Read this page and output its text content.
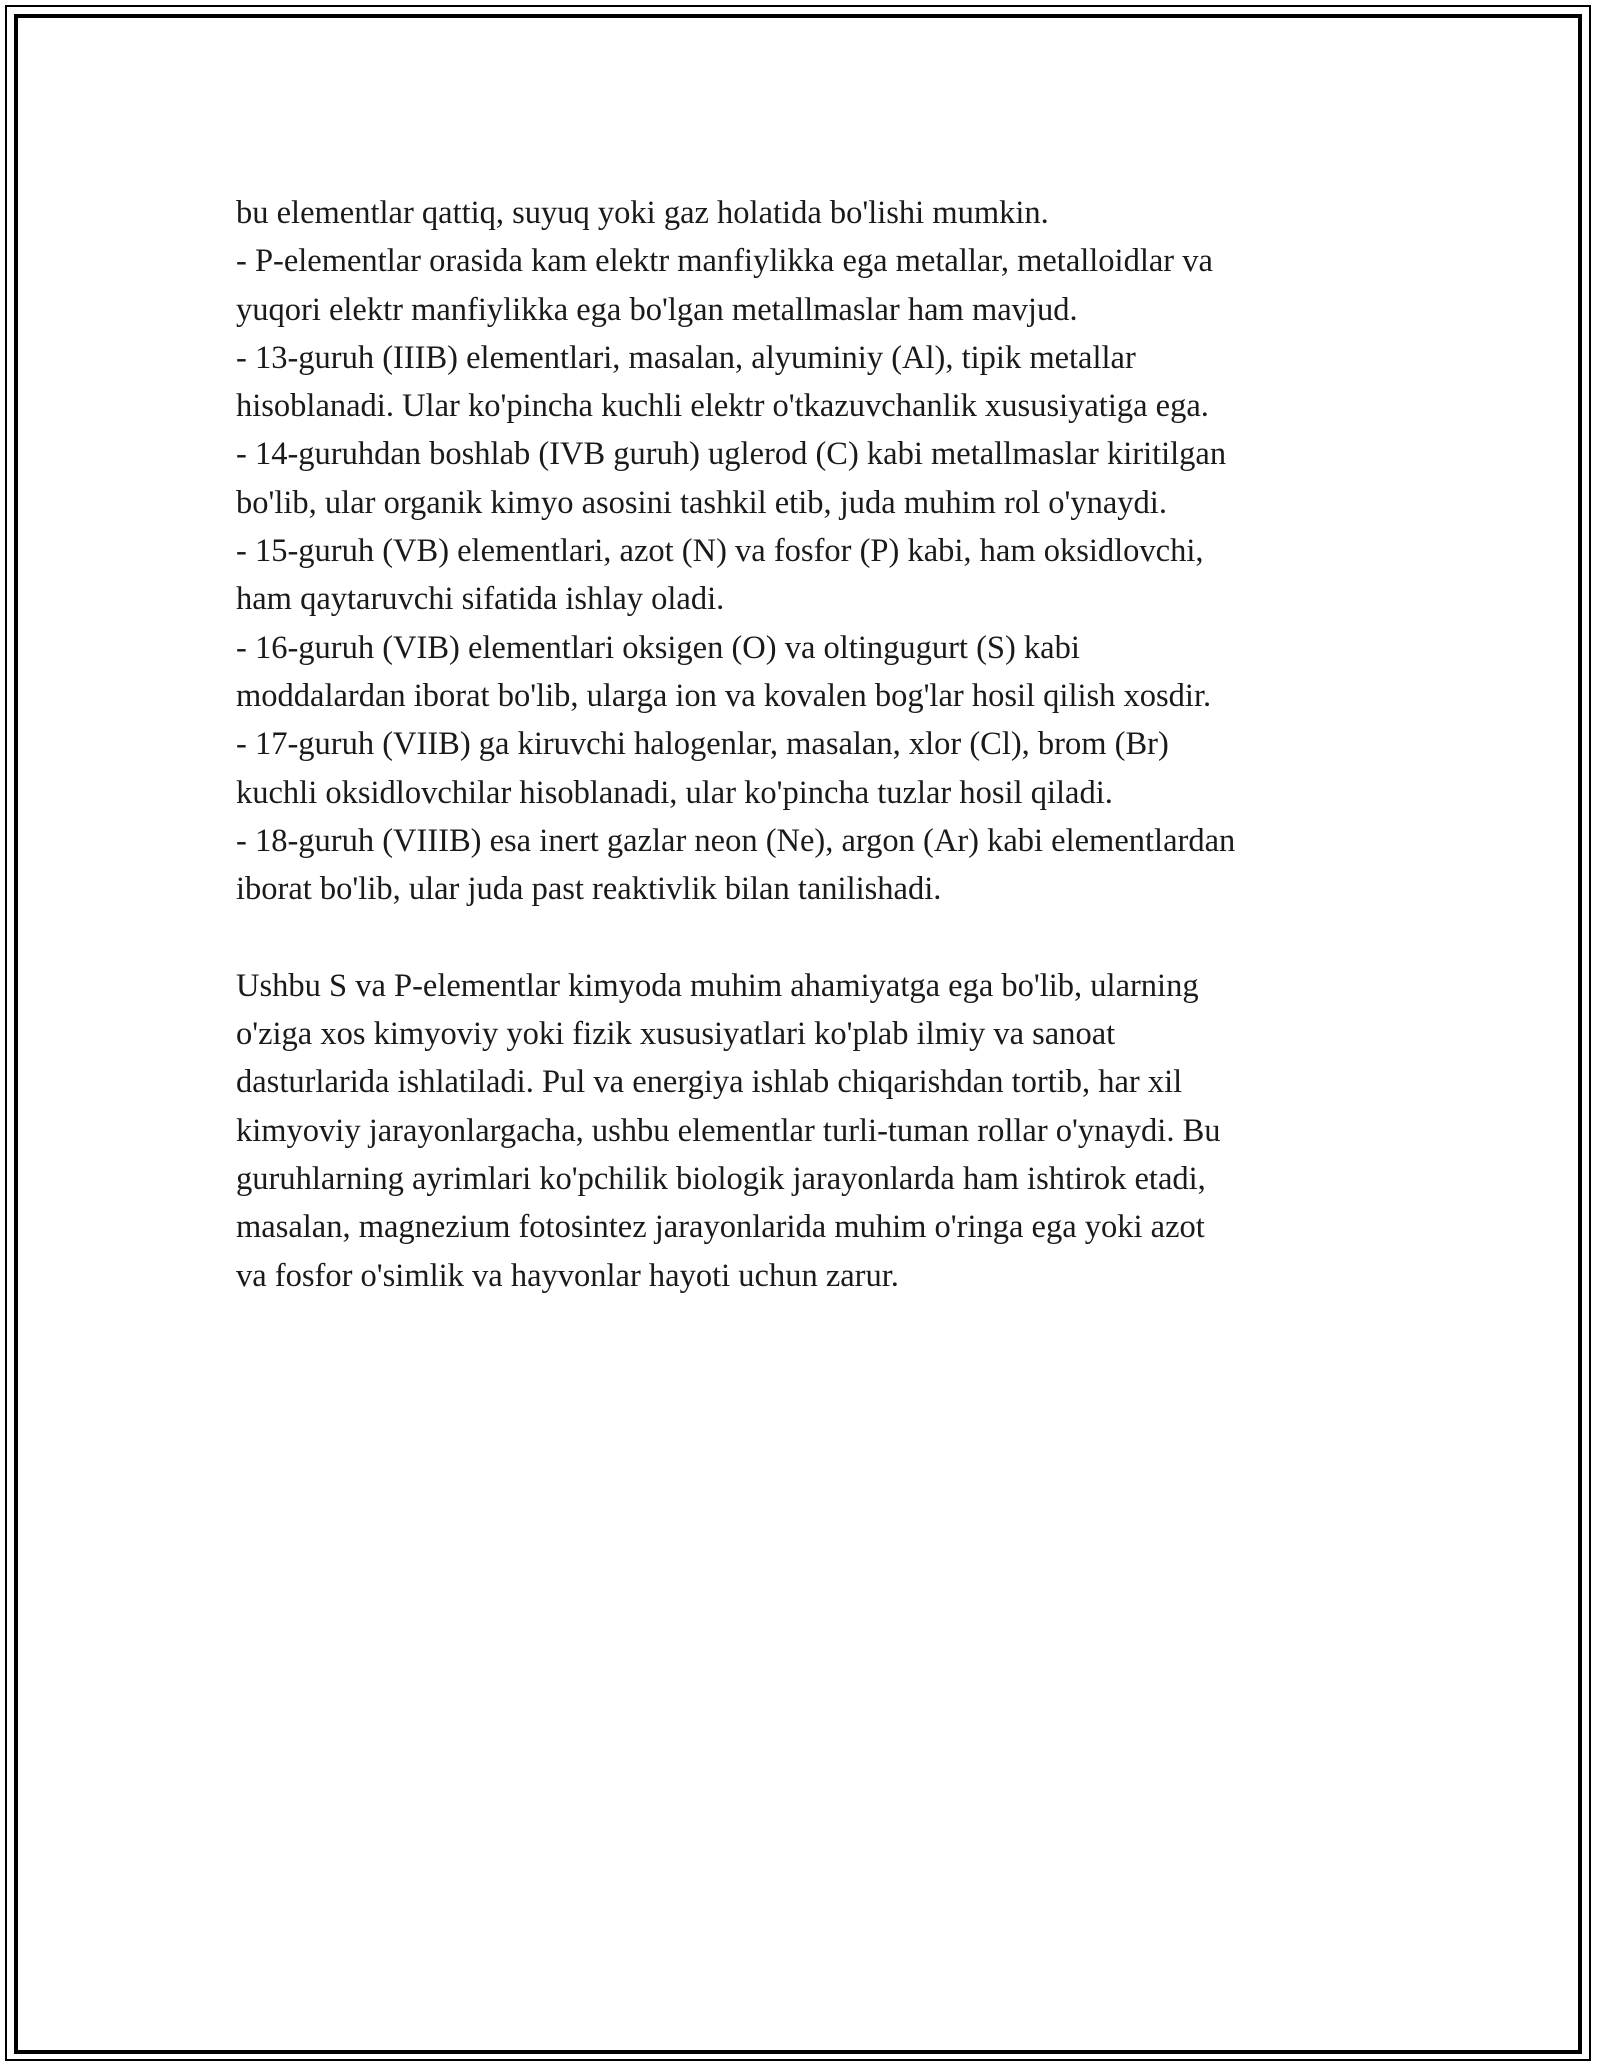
bu elementlar qattiq, suyuq yoki gaz holatida bo'lishi mumkin.
- P-elementlar orasida kam elektr manfiylikka ega metallar, metalloidlar va
yuqori elektr manfiylikka ega bo'lgan metallmaslar ham mavjud.
- 13-guruh (IIIB) elementlari, masalan, alyuminiy (Al), tipik metallar
hisoblanadi. Ular ko'pincha kuchli elektr o'tkazuvchanlik xususiyatiga ega.
- 14-guruhdan boshlab (IVB guruh) uglerod (C) kabi metallmaslar kiritilgan
bo'lib, ular organik kimyo asosini tashkil etib, juda muhim rol o'ynaydi.
- 15-guruh (VB) elementlari, azot (N) va fosfor (P) kabi, ham oksidlovchi,
ham qaytaruvchi sifatida ishlay oladi.
- 16-guruh (VIB) elementlari oksigen (O) va oltingugurt (S) kabi
moddalardan iborat bo'lib, ularga ion va kovalen bog'lar hosil qilish xosdir.
- 17-guruh (VIIB) ga kiruvchi halogenlar, masalan, xlor (Cl), brom (Br)
kuchli oksidlovchilar hisoblanadi, ular ko'pincha tuzlar hosil qiladi.
- 18-guruh (VIIIB) esa inert gazlar neon (Ne), argon (Ar) kabi elementlardan
iborat bo'lib, ular juda past reaktivlik bilan tanilishadi.
Ushbu S va P-elementlar kimyoda muhim ahamiyatga ega bo'lib, ularning
o'ziga xos kimyoviy yoki fizik xususiyatlari ko'plab ilmiy va sanoat
dasturlarida ishlatiladi. Pul va energiya ishlab chiqarishdan tortib, har xil
kimyoviy jarayonlargacha, ushbu elementlar turli-tuman rollar o'ynaydi. Bu
guruhlarning ayrimlari ko'pchilik biologik jarayonlarda ham ishtirok etadi,
masalan, magnezium fotosintez jarayonlarida muhim o'ringa ega yoki azot
va fosfor o'simlik va hayvonlar hayoti uchun zarur.
